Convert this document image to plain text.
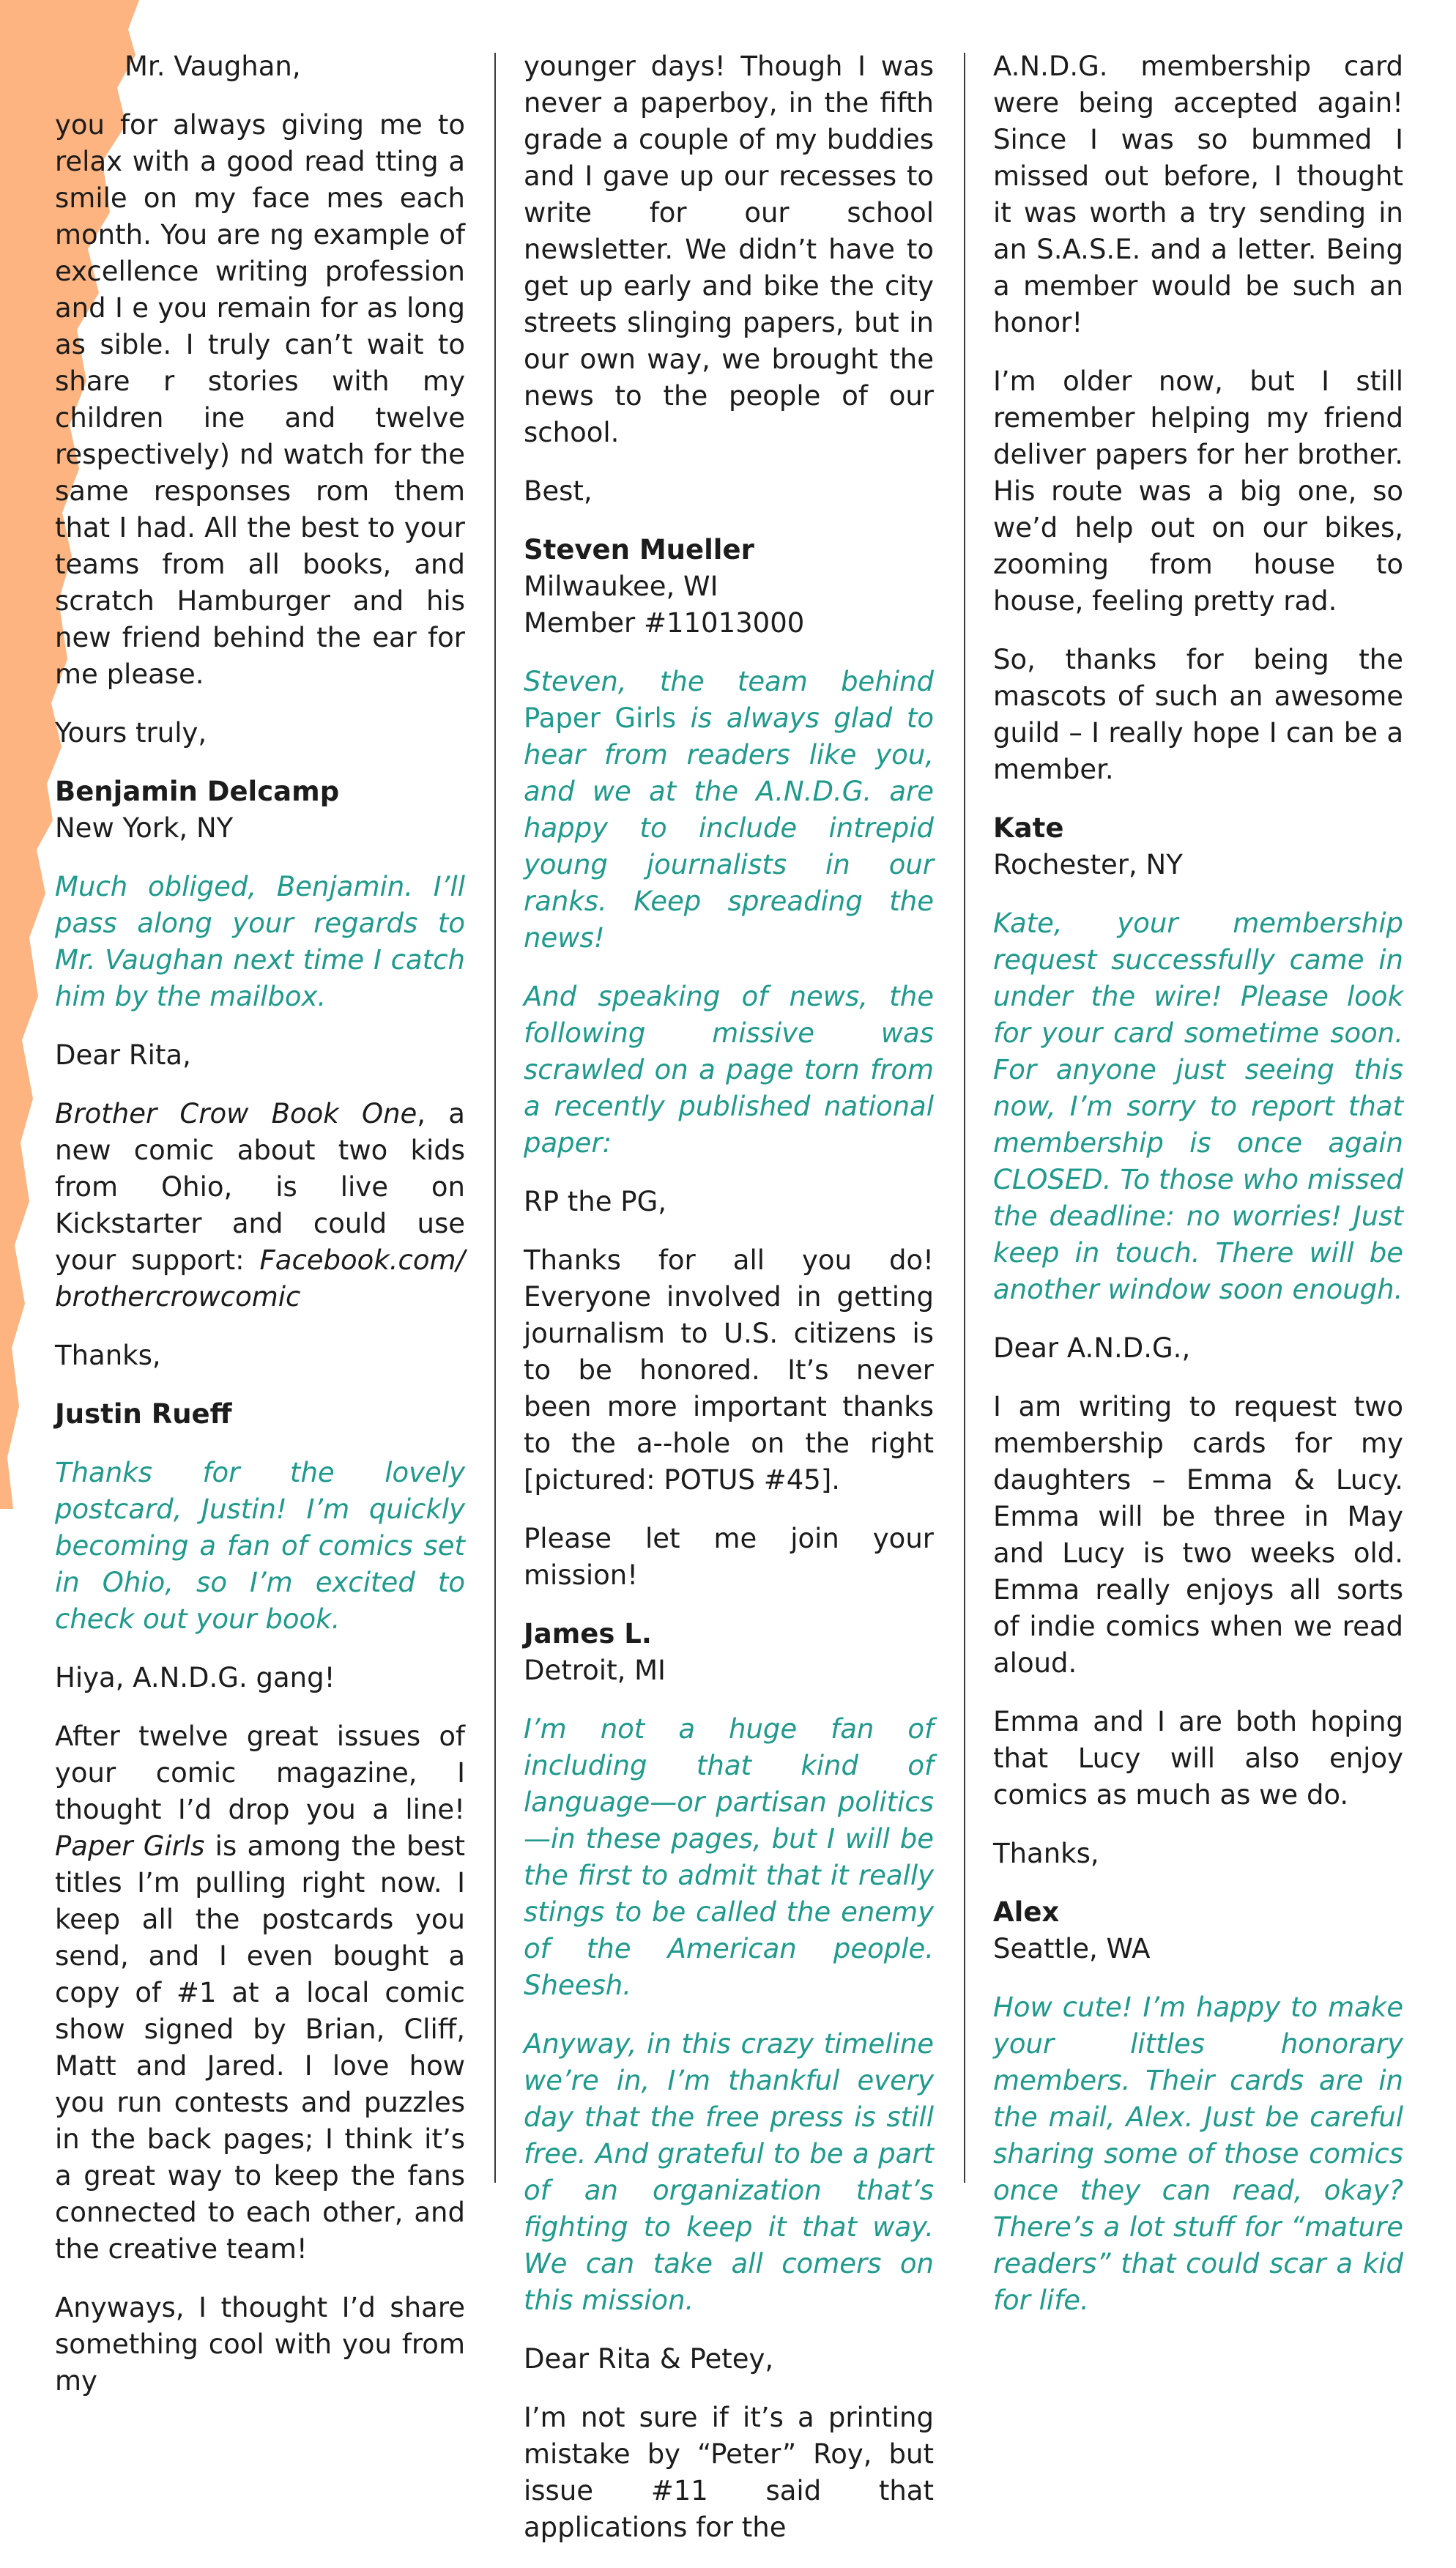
Mr. Vaughan,

you for always giving me to relax with a good read tting a smile on my face mes each month. You are ng example of excellence writing profession and I e you remain for as long as sible. I truly can’t wait to share r stories with my children ine and twelve respectively) nd watch for the same responses rom them that I had. All the best to your teams from all books, and scratch Hamburger and his new friend behind the ear for me please.

Yours truly,

Benjamin Delcamp

New York, NY

Much obliged, Benjamin. I’ll pass along your regards to Mr. Vaughan next time I catch him by the mailbox.

Dear Rita,

Brother Crow Book One, a new comic about two kids from Ohio, is live on Kickstarter and could use your support: Facebook.com/ brothercrowcomic

Thanks,

Justin Rueff

Thanks for the lovely postcard, Justin! I’m quickly becoming a fan of comics set in Ohio, so I’m excited to check out your book.

Hiya, A.N.D.G. gang!

After twelve great issues of your comic magazine, I thought I’d drop you a line! Paper Girls is among the best titles I’m pulling right now. I keep all the postcards you send, and I even bought a copy of #1 at a local comic show signed by Brian, Cliff, Matt and Jared. I love how you run contests and puzzles in the back pages; I think it’s a great way to keep the fans connected to each other, and the creative team!

Anyways, I thought I’d share something cool with you from my

younger days! Though I was never a paperboy, in the fifth grade a couple of my buddies and I gave up our recesses to write for our school newsletter. We didn’t have to get up early and bike the city streets slinging papers, but in our own way, we brought the news to the people of our school.

Best,

Steven Mueller

Milwaukee, WI

Member #11013000

Steven, the team behind Paper Girls is always glad to hear from readers like you, and we at the A.N.D.G. are happy to include intrepid young journalists in our ranks. Keep spreading the news!

And speaking of news, the following missive was scrawled on a page torn from a recently published national paper:

RP the PG,

Thanks for all you do! Everyone involved in getting journalism to U.S. citizens is to be honored. It’s never been more important thanks to the a--hole on the right [pictured: POTUS #45].

Please let me join your mission!

James L.

Detroit, MI

I’m not a huge fan of including that kind of language—or partisan politics—in these pages, but I will be the first to admit that it really stings to be called the enemy of the American people. Sheesh.

Anyway, in this crazy timeline we’re in, I’m thankful every day that the free press is still free. And grateful to be a part of an organization that’s fighting to keep it that way. We can take all comers on this mission.

Dear Rita & Petey,

I’m not sure if it’s a printing mistake by “Peter” Roy, but issue #11 said that applications for the

A.N.D.G. membership card were being accepted again! Since I was so bummed I missed out before, I thought it was worth a try sending in an S.A.S.E. and a letter. Being a member would be such an honor!

I’m older now, but I still remember helping my friend deliver papers for her brother. His route was a big one, so we’d help out on our bikes, zooming from house to house, feeling pretty rad.

So, thanks for being the mascots of such an awesome guild – I really hope I can be a member.

Kate

Rochester, NY

Kate, your membership request successfully came in under the wire! Please look for your card sometime soon. For anyone just seeing this now, I’m sorry to report that membership is once again CLOSED. To those who missed the deadline: no worries! Just keep in touch. There will be another window soon enough.

Dear A.N.D.G.,

I am writing to request two membership cards for my daughters – Emma & Lucy. Emma will be three in May and Lucy is two weeks old. Emma really enjoys all sorts of indie comics when we read aloud.

Emma and I are both hoping that Lucy will also enjoy comics as much as we do.

Thanks,

Alex

Seattle, WA

How cute! I’m happy to make your littles honorary members. Their cards are in the mail, Alex. Just be careful sharing some of those comics once they can read, okay? There’s a lot stuff for “mature readers” that could scar a kid for life.
